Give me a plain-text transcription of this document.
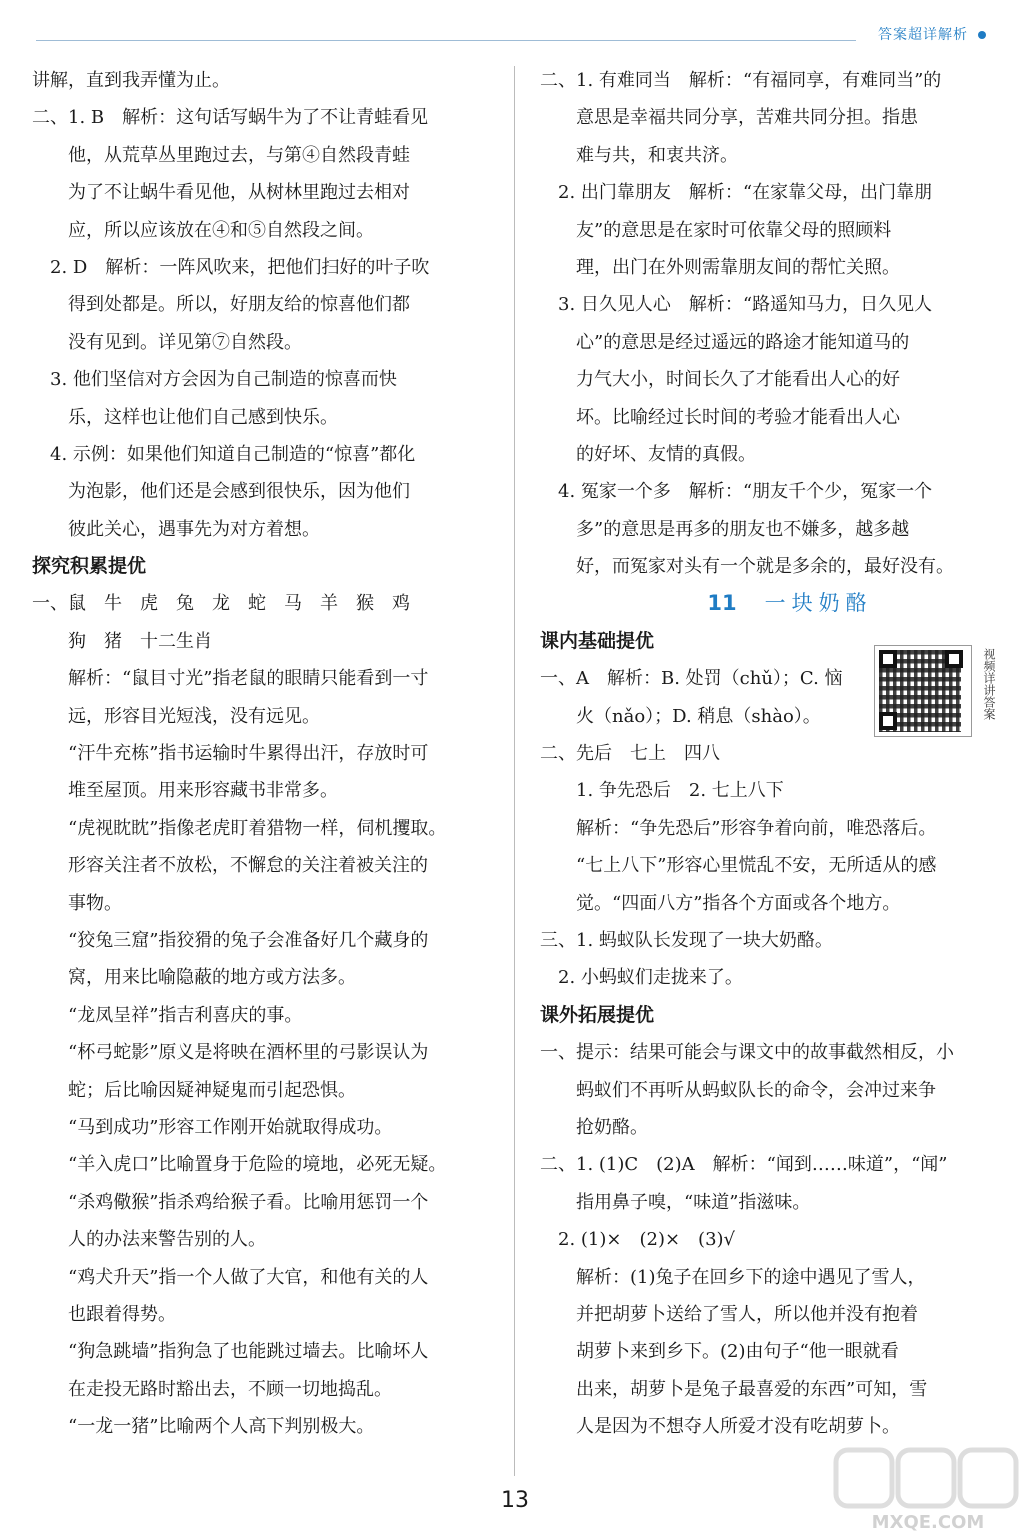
答案超详解析
讲解，直到我弄懂为止。
二、1. B　解析：这句话写蜗牛为了不让青蛙看见
　　他，从荒草丛里跑过去，与第④自然段青蛙
　　为了不让蜗牛看见他，从树林里跑过去相对
　　应，所以应该放在④和⑤自然段之间。
　2. D　解析：一阵风吹来，把他们扫好的叶子吹
　　得到处都是。所以，好朋友给的惊喜他们都
　　没有见到。详见第⑦自然段。
　3. 他们坚信对方会因为自己制造的惊喜而快
　　乐，这样也让他们自己感到快乐。
　4. 示例：如果他们知道自己制造的“惊喜”都化
　　为泡影，他们还是会感到很快乐，因为他们
　　彼此关心，遇事先为对方着想。
探究积累提优
一、鼠　牛　虎　兔　龙　蛇　马　羊　猴　鸡
　　狗　猪　十二生肖
　　解析：“鼠目寸光”指老鼠的眼睛只能看到一寸
　　远，形容目光短浅，没有远见。
　　“汗牛充栋”指书运输时牛累得出汗，存放时可
　　堆至屋顶。用来形容藏书非常多。
　　“虎视眈眈”指像老虎盯着猎物一样，伺机攫取。
　　形容关注者不放松，不懈怠的关注着被关注的
　　事物。
　　“狡兔三窟”指狡猾的兔子会准备好几个藏身的
　　窝，用来比喻隐蔽的地方或方法多。
　　“龙凤呈祥”指吉利喜庆的事。
　　“杯弓蛇影”原义是将映在酒杯里的弓影误认为
　　蛇；后比喻因疑神疑鬼而引起恐惧。
　　“马到成功”形容工作刚开始就取得成功。
　　“羊入虎口”比喻置身于危险的境地，必死无疑。
　　“杀鸡儆猴”指杀鸡给猴子看。比喻用惩罚一个
　　人的办法来警告别的人。
　　“鸡犬升天”指一个人做了大官，和他有关的人
　　也跟着得势。
　　“狗急跳墙”指狗急了也能跳过墙去。比喻坏人
　　在走投无路时豁出去，不顾一切地捣乱。
　　“一龙一猪”比喻两个人高下判别极大。
二、1. 有难同当　解析：“有福同享，有难同当”的
　　意思是幸福共同分享，苦难共同分担。指患
　　难与共，和衷共济。
　2. 出门靠朋友　解析：“在家靠父母，出门靠朋
　　友”的意思是在家时可依靠父母的照顾料
　　理，出门在外则需靠朋友间的帮忙关照。
　3. 日久见人心　解析：“路遥知马力，日久见人
　　心”的意思是经过遥远的路途才能知道马的
　　力气大小，时间长久了才能看出人心的好
　　坏。比喻经过长时间的考验才能看出人心
　　的好坏、友情的真假。
　4. 冤家一个多　解析：“朋友千个少，冤家一个
　　多”的意思是再多的朋友也不嫌多，越多越
　　好，而冤家对头有一个就是多余的，最好没有。
11 一块奶酪
课内基础提优
一、A　解析：B. 处罚（chǔ）；C. 恼
　　火（nǎo）；D. 稍息（shào）。
二、先后　七上　四八
　　1. 争先恐后　2. 七上八下
　　解析：“争先恐后”形容争着向前，唯恐落后。
　　“七上八下”形容心里慌乱不安，无所适从的感
　　觉。“四面八方”指各个方面或各个地方。
三、1. 蚂蚁队长发现了一块大奶酪。
　2. 小蚂蚁们走拢来了。
课外拓展提优
一、提示：结果可能会与课文中的故事截然相反，小
　　蚂蚁们不再听从蚂蚁队长的命令，会冲过来争
　　抢奶酪。
二、1. (1)C　(2)A　解析：“闻到……味道”，“闻”
　　指用鼻子嗅，“味道”指滋味。
　2. (1)×　(2)×　(3)√
　　解析：(1)兔子在回乡下的途中遇见了雪人，
　　并把胡萝卜送给了雪人，所以他并没有抱着
　　胡萝卜来到乡下。(2)由句子“他一眼就看
　　出来，胡萝卜是兔子最喜爱的东西”可知，雪
　　人是因为不想夺人所爱才没有吃胡萝卜。
视频详讲答案
13
MXQE.COM
